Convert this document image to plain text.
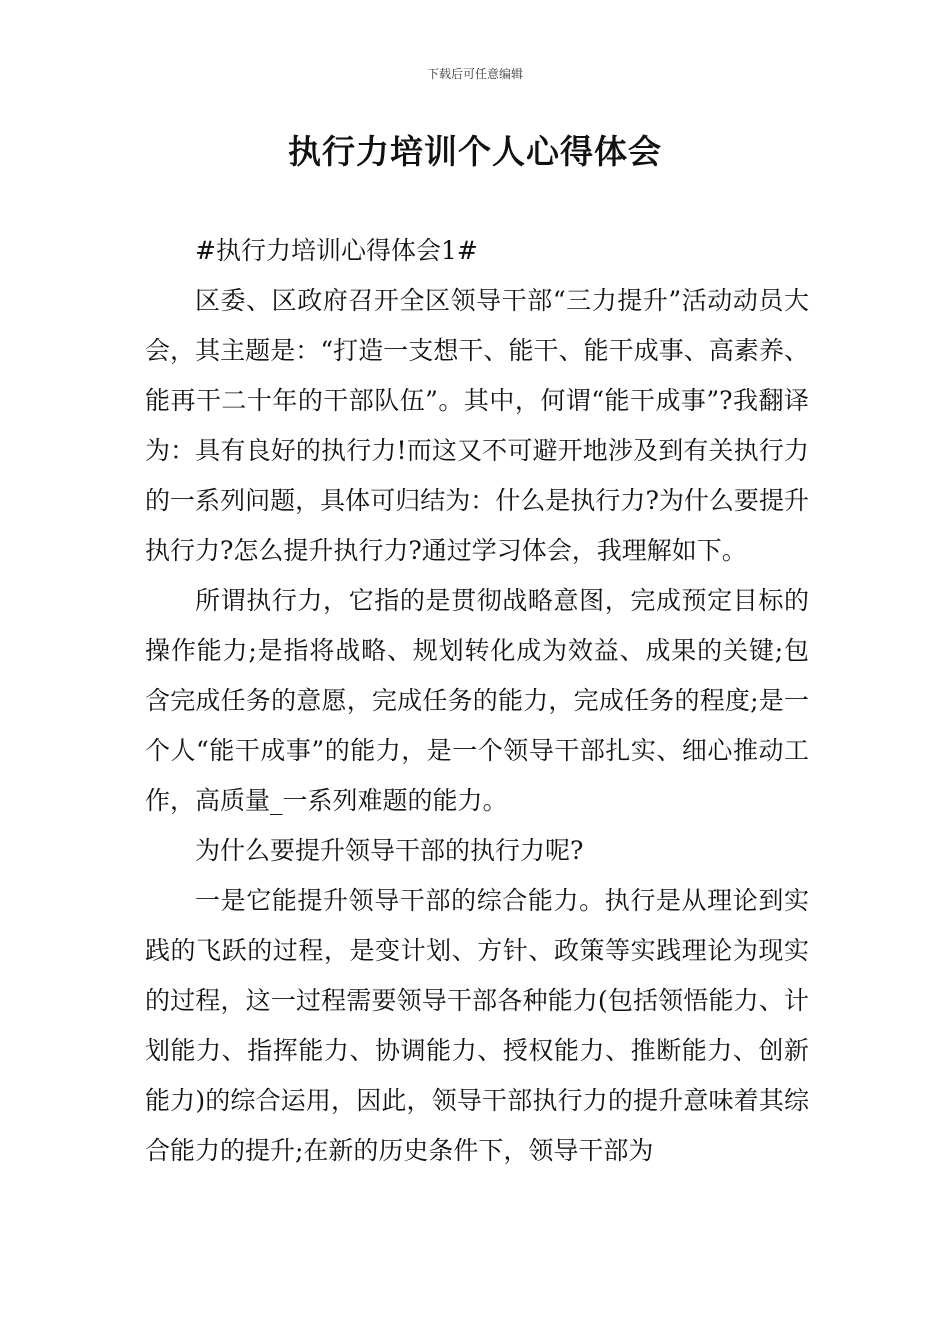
下载后可任意编辑
执行力培训个人心得体会

#执行力培训心得体会1#

区委、区政府召开全区领导干部“三力提升”活动动员大会，其主题是：“打造一支想干、能干、能干成事、高素养、能再干二十年的干部队伍”。其中，何谓“能干成事”?我翻译为：具有良好的执行力!而这又不可避开地涉及到有关执行力的一系列问题，具体可归结为：什么是执行力?为什么要提升执行力?怎么提升执行力?通过学习体会，我理解如下。

所谓执行力，它指的是贯彻战略意图，完成预定目标的操作能力;是指将战略、规划转化成为效益、成果的关键;包含完成任务的意愿，完成任务的能力，完成任务的程度;是一个人“能干成事”的能力，是一个领导干部扎实、细心推动工作，高质量_一系列难题的能力。

为什么要提升领导干部的执行力呢?

一是它能提升领导干部的综合能力。执行是从理论到实践的飞跃的过程，是变计划、方针、政策等实践理论为现实的过程，这一过程需要领导干部各种能力(包括领悟能力、计划能力、指挥能力、协调能力、授权能力、推断能力、创新能力)的综合运用，因此，领导干部执行力的提升意味着其综合能力的提升;在新的历史条件下，领导干部为
